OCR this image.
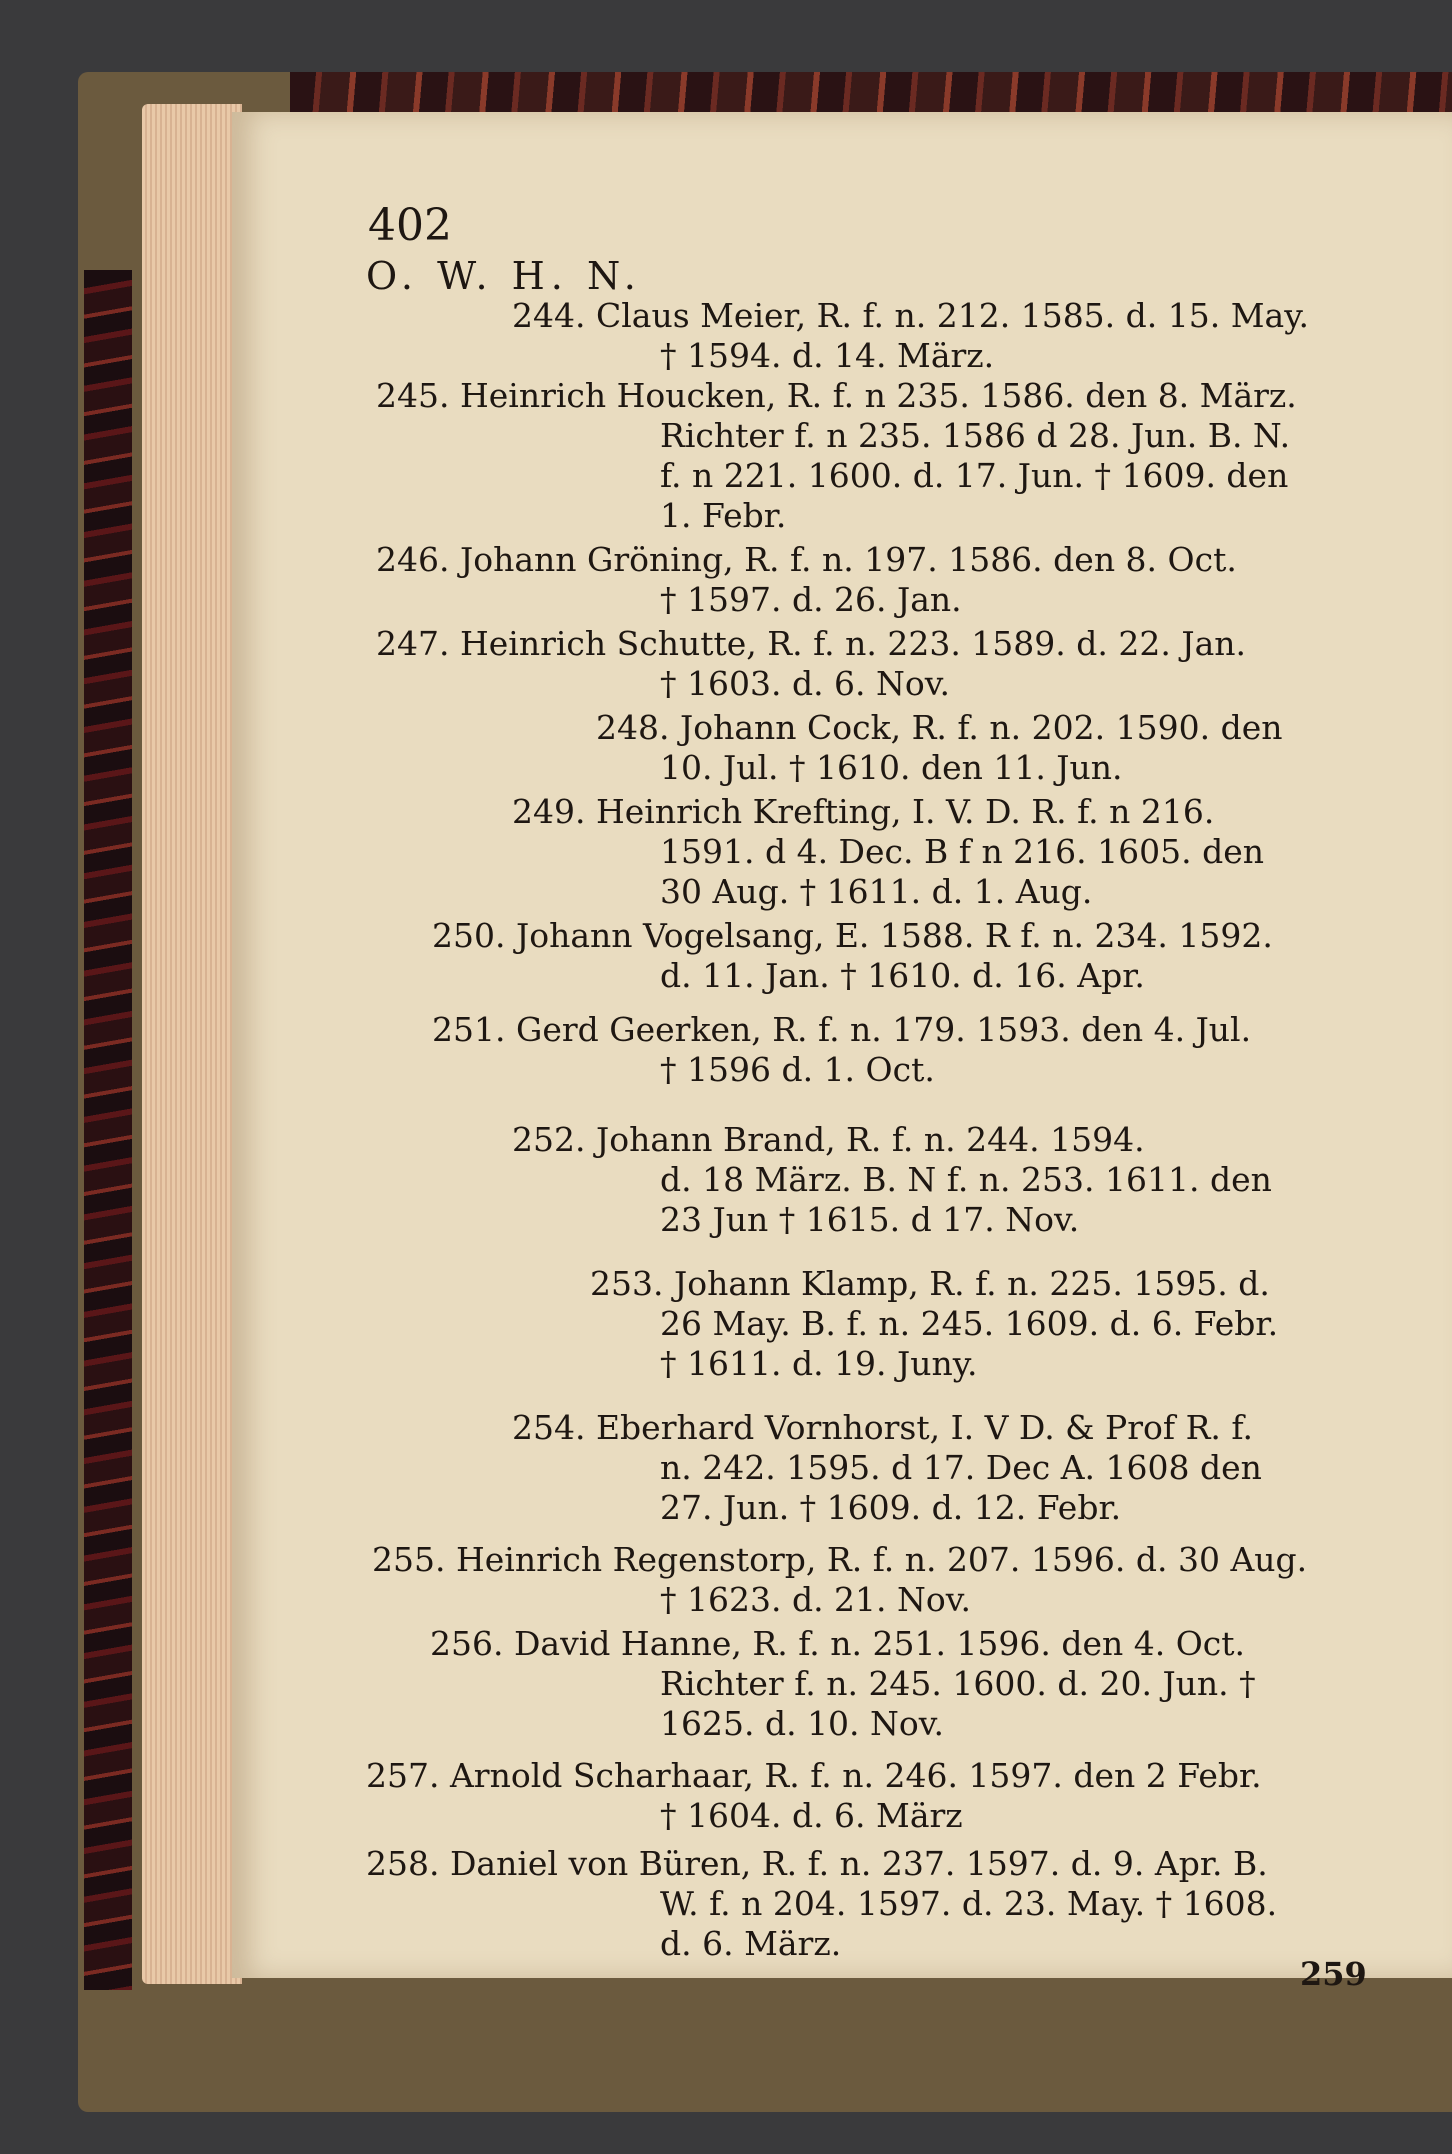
402
O. W. H. N.
244. Claus Meier, R. f. n. 212. 1585. d. 15. May.
† 1594. d. 14. März.
245. Heinrich Houcken, R. f. n 235. 1586. den 8. März.
Richter f. n 235. 1586 d 28. Jun. B. N.
f. n 221. 1600. d. 17. Jun. † 1609. den
1. Febr.
246. Johann Gröning, R. f. n. 197. 1586. den 8. Oct.
† 1597. d. 26. Jan.
247. Heinrich Schutte, R. f. n. 223. 1589. d. 22. Jan.
† 1603. d. 6. Nov.
248. Johann Cock, R. f. n. 202. 1590. den
10. Jul. † 1610. den 11. Jun.
249. Heinrich Krefting, I. V. D. R. f. n 216.
1591. d 4. Dec. B f n 216. 1605. den
30 Aug. † 1611. d. 1. Aug.
250. Johann Vogelsang, E. 1588. R f. n. 234. 1592.
d. 11. Jan. † 1610. d. 16. Apr.
251. Gerd Geerken, R. f. n. 179. 1593. den 4. Jul.
† 1596 d. 1. Oct.
252. Johann Brand, R. f. n. 244. 1594.
d. 18 März. B. N f. n. 253. 1611. den
23 Jun † 1615. d 17. Nov.
253. Johann Klamp, R. f. n. 225. 1595. d.
26 May. B. f. n. 245. 1609. d. 6. Febr.
† 1611. d. 19. Juny.
254. Eberhard Vornhorst, I. V D. & Prof R. f.
n. 242. 1595. d 17. Dec A. 1608 den
27. Jun. † 1609. d. 12. Febr.
255. Heinrich Regenstorp, R. f. n. 207. 1596. d. 30 Aug.
† 1623. d. 21. Nov.
256. David Hanne, R. f. n. 251. 1596. den 4. Oct.
Richter f. n. 245. 1600. d. 20. Jun. †
1625. d. 10. Nov.
257. Arnold Scharhaar, R. f. n. 246. 1597. den 2 Febr.
† 1604. d. 6. März
258. Daniel von Büren, R. f. n. 237. 1597. d. 9. Apr. B.
W. f. n 204. 1597. d. 23. May. † 1608.
d. 6. März.
259
